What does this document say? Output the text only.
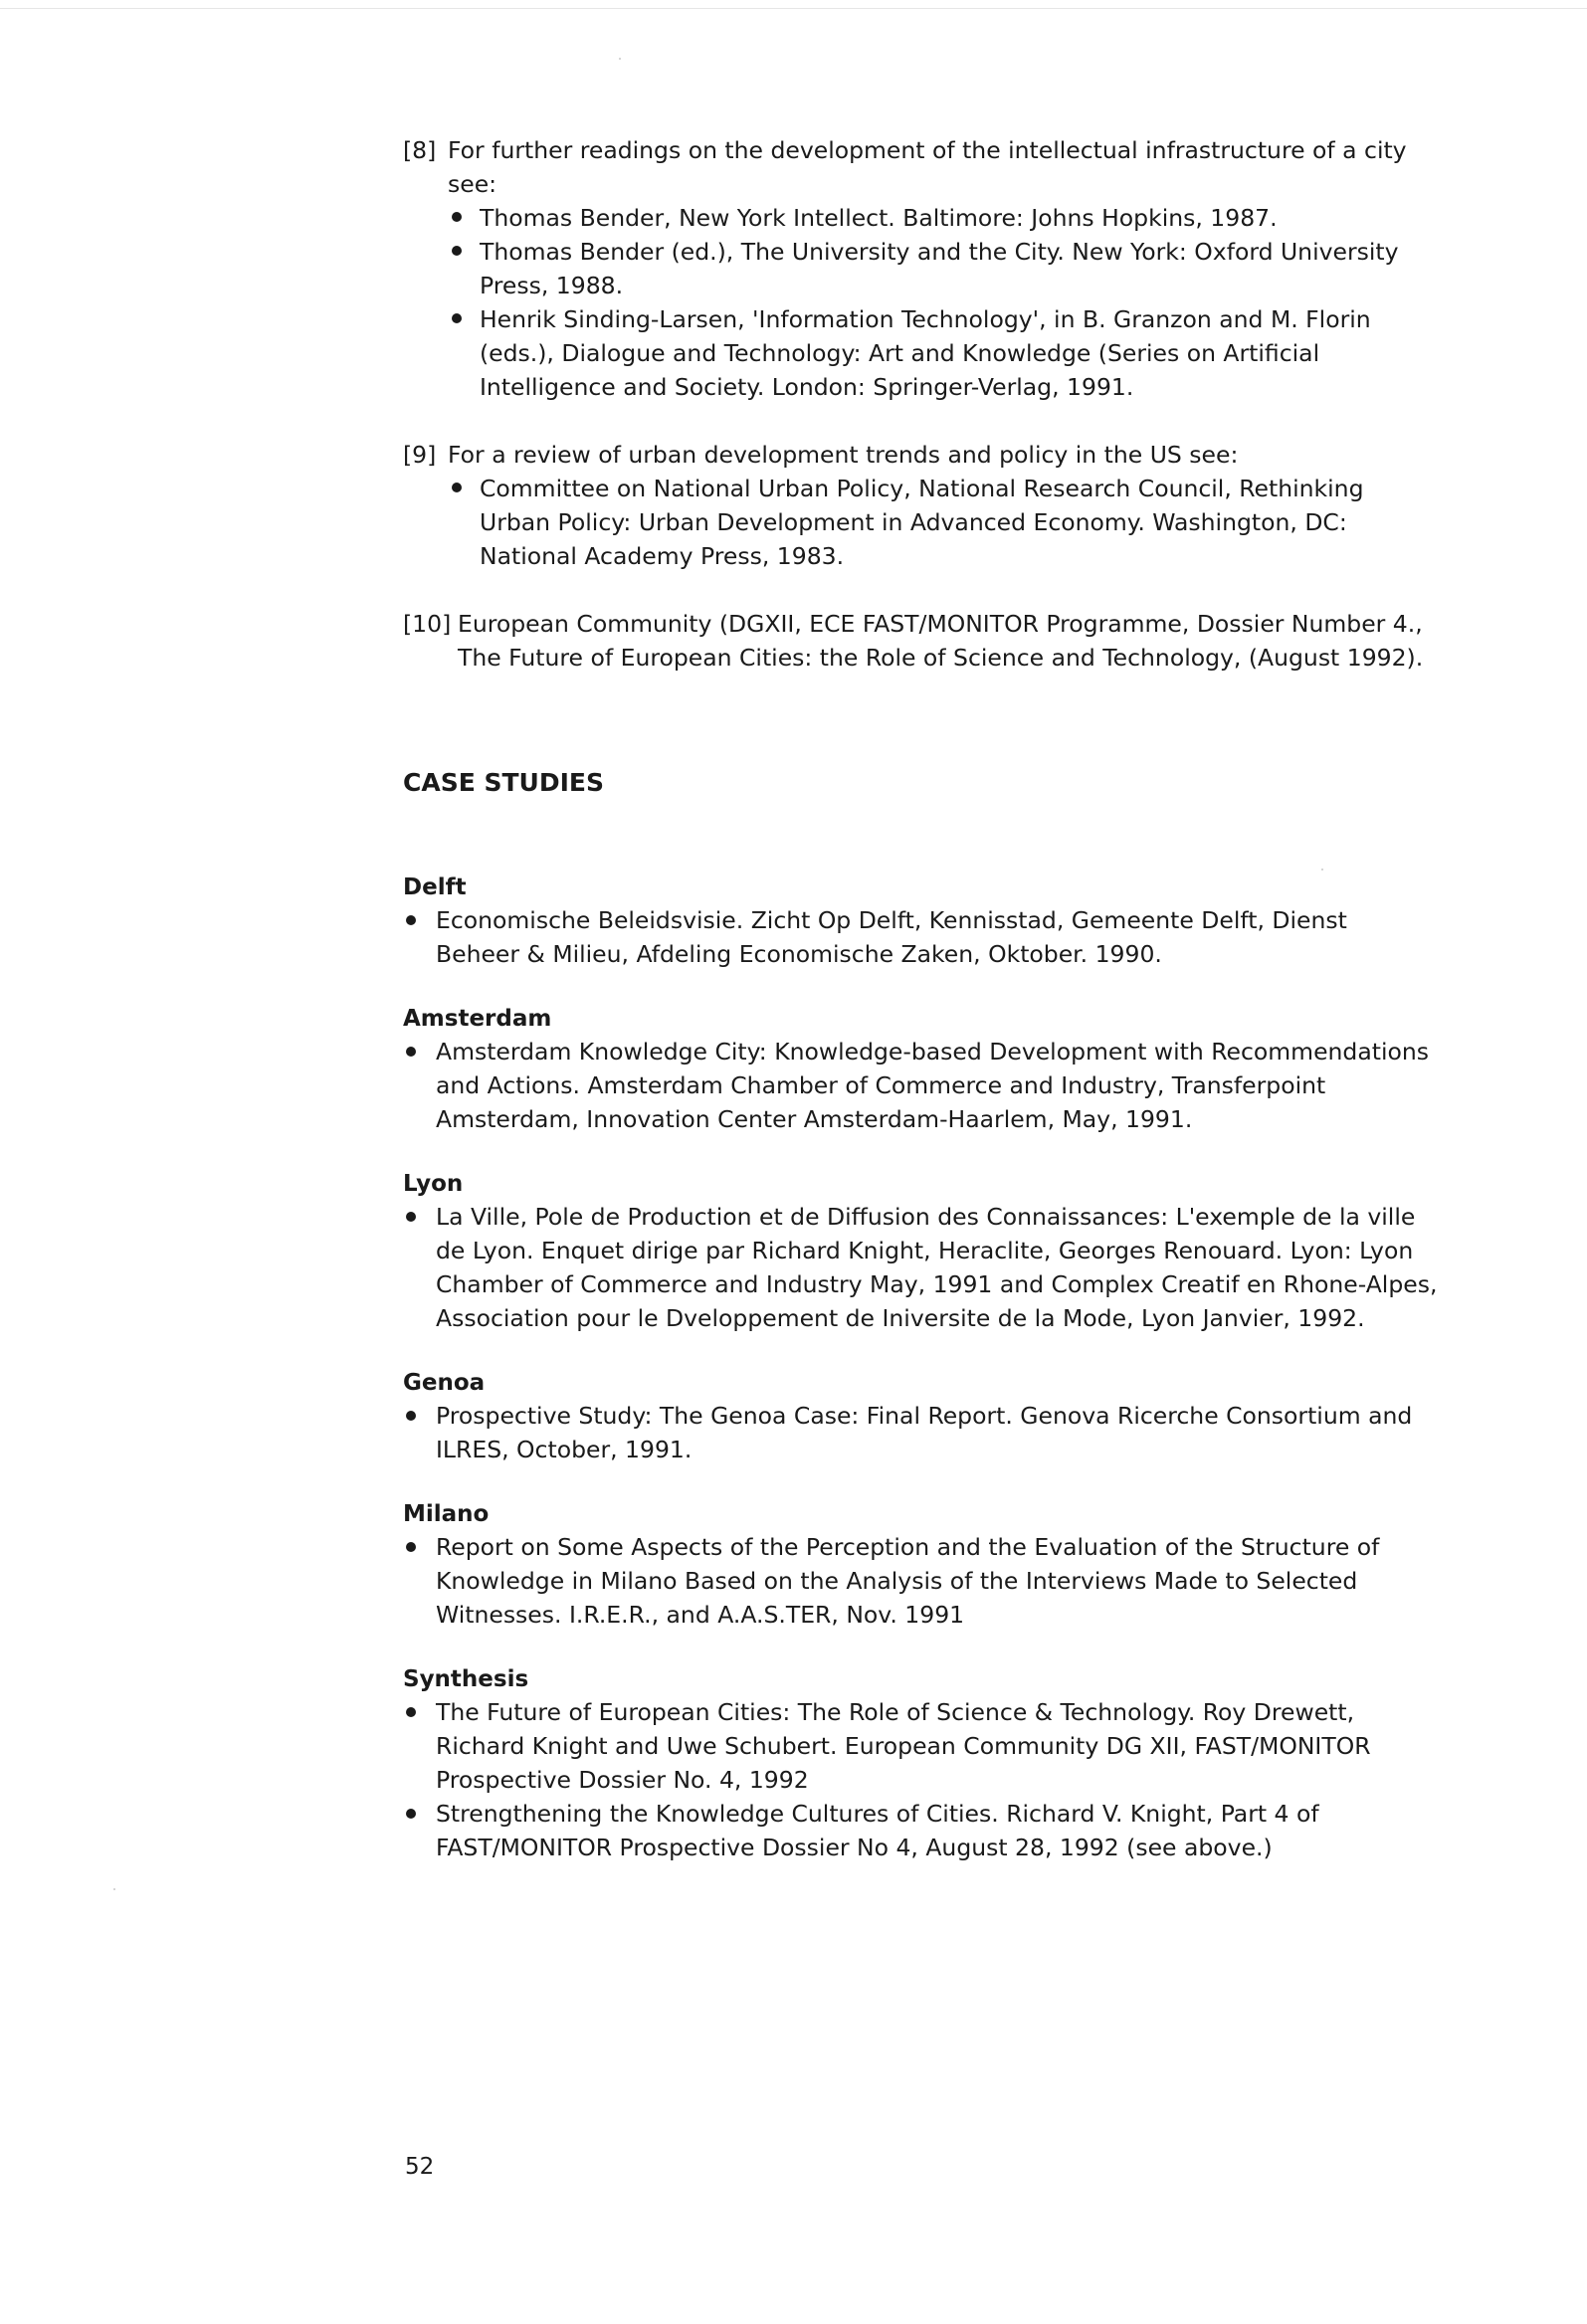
[8] For further readings on the development of the intellectual infrastructure of a city see:
Thomas Bender, New York Intellect. Baltimore: Johns Hopkins, 1987.
Thomas Bender (ed.), The University and the City. New York: Oxford University Press, 1988.
Henrik Sinding-Larsen, 'Information Technology', in B. Granzon and M. Florin (eds.), Dialogue and Technology: Art and Knowledge (Series on Artificial Intelligence and Society. London: Springer-Verlag, 1991.
[9] For a review of urban development trends and policy in the US see:
Committee on National Urban Policy, National Research Council, Rethinking Urban Policy: Urban Development in Advanced Economy. Washington, DC: National Academy Press, 1983.
[10] European Community (DGXII, ECE FAST/MONITOR Programme, Dossier Number 4., The Future of European Cities: the Role of Science and Technology, (August 1992).
CASE STUDIES
Delft
Economische Beleidsvisie. Zicht Op Delft, Kennisstad, Gemeente Delft, Dienst Beheer & Milieu, Afdeling Economische Zaken, Oktober. 1990.
Amsterdam
Amsterdam Knowledge City: Knowledge-based Development with Recommendations and Actions. Amsterdam Chamber of Commerce and Industry, Transferpoint Amsterdam, Innovation Center Amsterdam-Haarlem, May, 1991.
Lyon
La Ville, Pole de Production et de Diffusion des Connaissances: L'exemple de la ville de Lyon. Enquet dirige par Richard Knight, Heraclite, Georges Renouard. Lyon: Lyon Chamber of Commerce and Industry May, 1991 and Complex Creatif en Rhone-Alpes, Association pour le Dveloppement de Iniversite de la Mode, Lyon Janvier, 1992.
Genoa
Prospective Study: The Genoa Case: Final Report. Genova Ricerche Consortium and ILRES, October, 1991.
Milano
Report on Some Aspects of the Perception and the Evaluation of the Structure of Knowledge in Milano Based on the Analysis of the Interviews Made to Selected Witnesses. I.R.E.R., and A.A.S.TER, Nov. 1991
Synthesis
The Future of European Cities: The Role of Science & Technology. Roy Drewett, Richard Knight and Uwe Schubert. European Community DG XII, FAST/MONITOR Prospective Dossier No. 4, 1992
Strengthening the Knowledge Cultures of Cities. Richard V. Knight, Part 4 of FAST/MONITOR Prospective Dossier No 4, August 28, 1992 (see above.)
52
